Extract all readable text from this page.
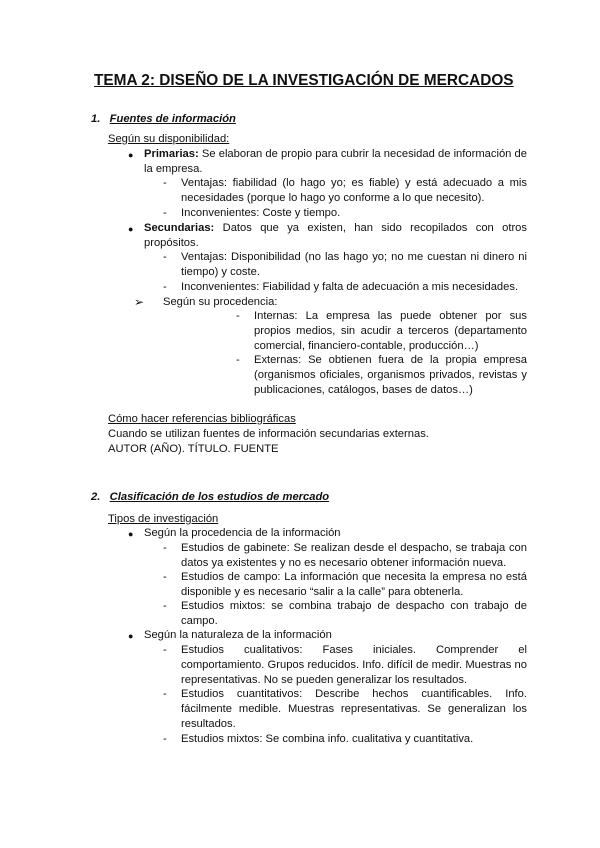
TEMA 2: DISEÑO DE LA INVESTIGACIÓN DE MERCADOS
1. Fuentes de información
Según su disponibilidad:
● Primarias: Se elaboran de propio para cubrir la necesidad de información de la empresa.
- Ventajas: fiabilidad (lo hago yo; es fiable) y está adecuado a mis necesidades (porque lo hago yo conforme a lo que necesito).
- Inconvenientes: Coste y tiempo.
● Secundarias: Datos que ya existen, han sido recopilados con otros propósitos.
- Ventajas: Disponibilidad (no las hago yo; no me cuestan ni dinero ni tiempo) y coste.
- Inconvenientes: Fiabilidad y falta de adecuación a mis necesidades.
➢ Según su procedencia:
- Internas: La empresa las puede obtener por sus propios medios, sin acudir a terceros (departamento comercial, financiero-contable, producción…)
- Externas: Se obtienen fuera de la propia empresa (organismos oficiales, organismos privados, revistas y publicaciones, catálogos, bases de datos…)
Cómo hacer referencias bibliográficas
Cuando se utilizan fuentes de información secundarias externas.
AUTOR (AÑO). TÍTULO. FUENTE
2. Clasificación de los estudios de mercado
Tipos de investigación
● Según la procedencia de la información
- Estudios de gabinete: Se realizan desde el despacho, se trabaja con datos ya existentes y no es necesario obtener información nueva.
- Estudios de campo: La información que necesita la empresa no está disponible y es necesario “salir a la calle” para obtenerla.
- Estudios mixtos: se combina trabajo de despacho con trabajo de campo.
● Según la naturaleza de la información
- Estudios cualitativos: Fases iniciales. Comprender el comportamiento. Grupos reducidos. Info. difícil de medir. Muestras no representativas. No se pueden generalizar los resultados.
- Estudios cuantitativos: Describe hechos cuantificables. Info. fácilmente medible. Muestras representativas. Se generalizan los resultados.
- Estudios mixtos: Se combina info. cualitativa y cuantitativa.
